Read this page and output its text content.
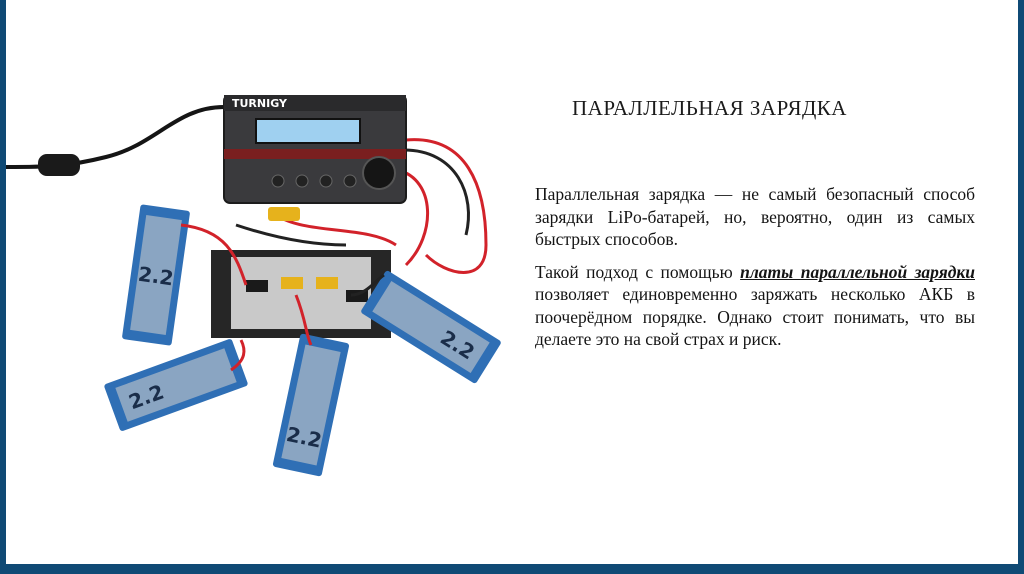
TURNIGY
2.2
2.2
2.2
2.2
ПАРАЛЛЕЛЬНАЯ ЗАРЯДКА

Параллельная зарядка — не самый безопасный способ зарядки LiPo-батарей, но, вероятно, один из самых быстрых способов.

Такой подход с помощью платы параллельной зарядки позволяет единовременно заряжать несколько АКБ в поочерёдном порядке. Однако стоит понимать, что вы делаете это на свой страх и риск.
